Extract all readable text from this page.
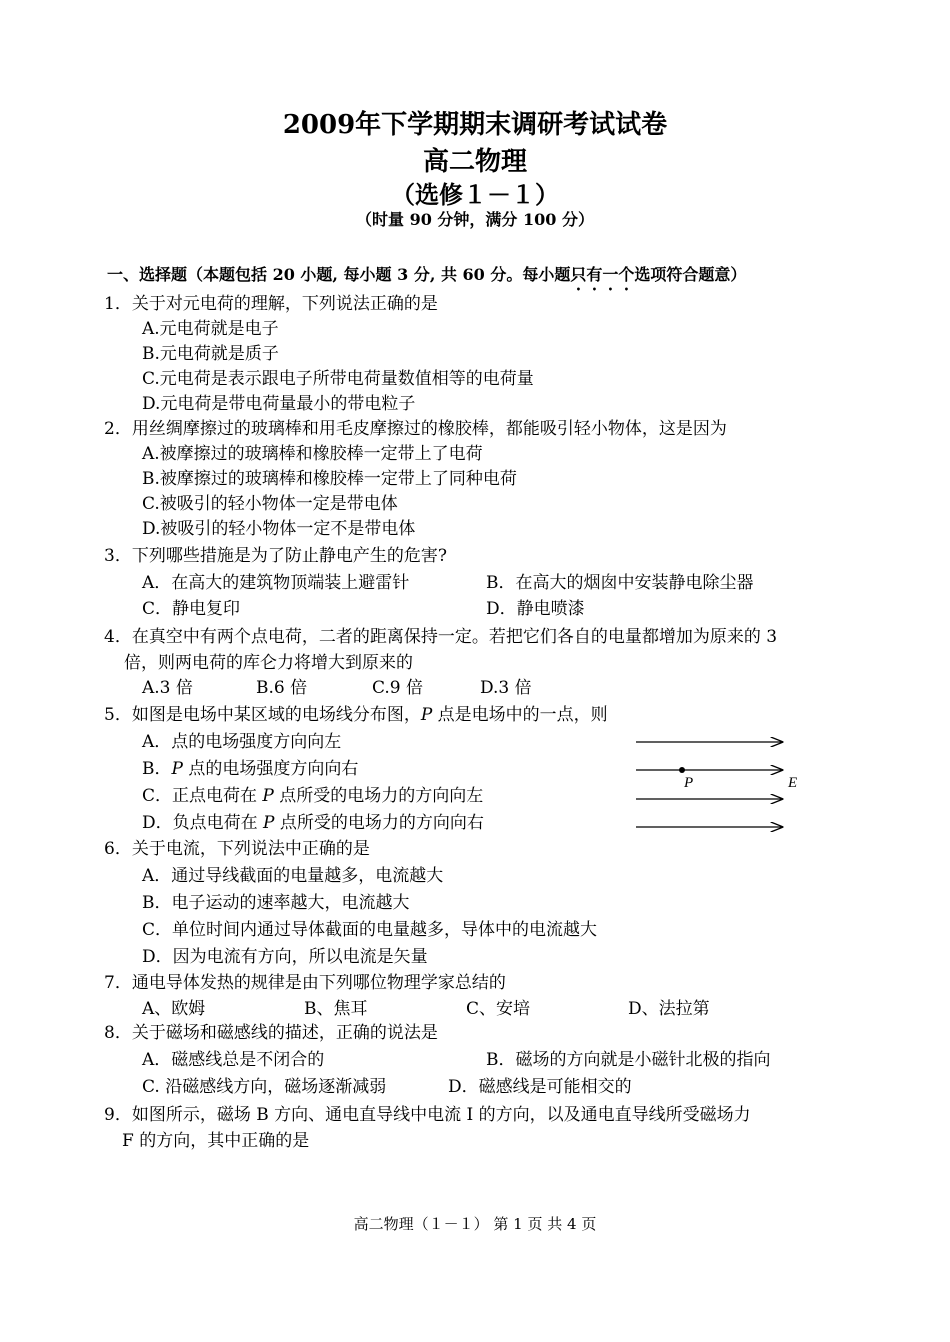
2009年下学期期末调研考试试卷
高二物理
（选修１－１）
（时量 90 分钟，满分 100 分）
一、选择题（本题包括 20 小题, 每小题 3 分, 共 60 分。每小题只有一个选项符合题意）
1．关于对元电荷的理解，下列说法正确的是
A.元电荷就是电子
B.元电荷就是质子
C.元电荷是表示跟电子所带电荷量数值相等的电荷量
D.元电荷是带电荷量最小的带电粒子
2．用丝绸摩擦过的玻璃棒和用毛皮摩擦过的橡胶棒，都能吸引轻小物体，这是因为
A.被摩擦过的玻璃棒和橡胶棒一定带上了电荷
B.被摩擦过的玻璃棒和橡胶棒一定带上了同种电荷
C.被吸引的轻小物体一定是带电体
D.被吸引的轻小物体一定不是带电体
3．下列哪些措施是为了防止静电产生的危害?
A．在高大的建筑物顶端装上避雷针	B．在高大的烟囱中安装静电除尘器
C．静电复印	D．静电喷漆
4．在真空中有两个点电荷，二者的距离保持一定。若把它们各自的电量都增加为原来的 3
倍，则两电荷的库仑力将增大到原来的
A.3 倍	B.6 倍	C.9 倍	D.3 倍
5．如图是电场中某区域的电场线分布图，P 点是电场中的一点，则
A．点的电场强度方向向左
B．P 点的电场强度方向向右
C．正点电荷在 P 点所受的电场力的方向向左
D．负点电荷在 P 点所受的电场力的方向向右
P	E
6．关于电流，下列说法中正确的是
A．通过导线截面的电量越多，电流越大
B．电子运动的速率越大，电流越大
C．单位时间内通过导体截面的电量越多，导体中的电流越大
D．因为电流有方向，所以电流是矢量
7．通电导体发热的规律是由下列哪位物理学家总结的
A、欧姆	B、焦耳	C、安培	D、法拉第
8．关于磁场和磁感线的描述，正确的说法是
A．磁感线总是不闭合的	B．磁场的方向就是小磁针北极的指向
C. 沿磁感线方向，磁场逐渐减弱	D．磁感线是可能相交的
9．如图所示，磁场 B 方向、通电直导线中电流 I 的方向，以及通电直导线所受磁场力
F 的方向，其中正确的是
高二物理（１－１） 第 1 页 共 4 页
